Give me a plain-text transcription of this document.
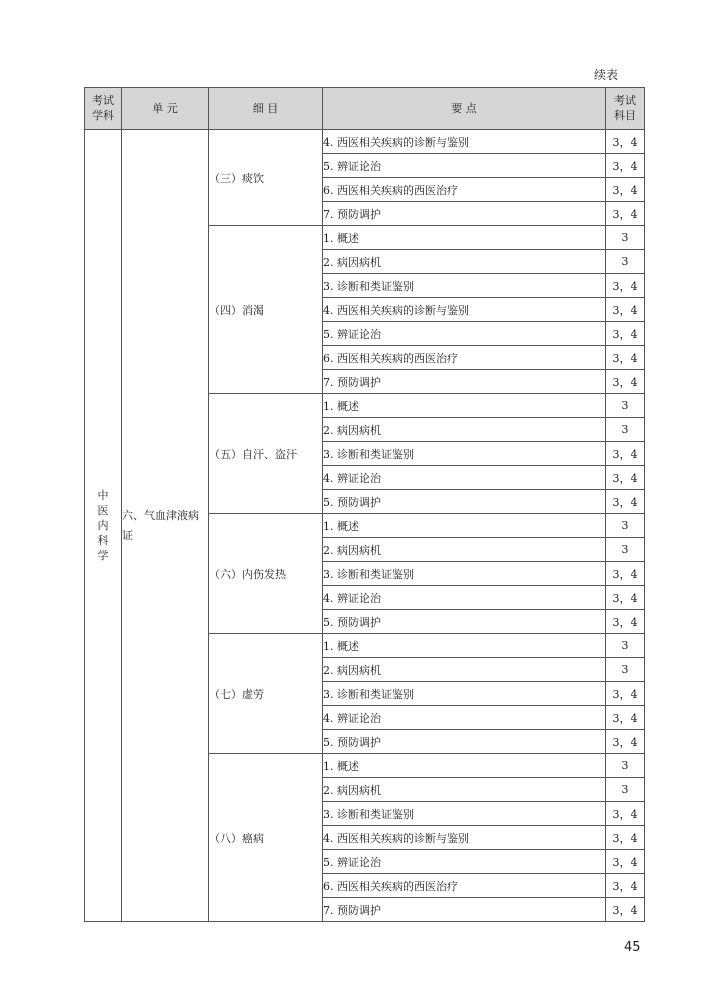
续表
考试学科	单 元	细 目	要 点	考试科目
中医内科学	六、气血津液病证	（三）痰饮	4. 西医相关疾病的诊断与鉴别	3，4
			5. 辨证论治	3，4
			6. 西医相关疾病的西医治疗	3，4
			7. 预防调护	3，4
		（四）消渴	1. 概述	3
			2. 病因病机	3
			3. 诊断和类证鉴别	3，4
			4. 西医相关疾病的诊断与鉴别	3，4
			5. 辨证论治	3，4
			6. 西医相关疾病的西医治疗	3，4
			7. 预防调护	3，4
		（五）自汗、盗汗	1. 概述	3
			2. 病因病机	3
			3. 诊断和类证鉴别	3，4
			4. 辨证论治	3，4
			5. 预防调护	3，4
		（六）内伤发热	1. 概述	3
			2. 病因病机	3
			3. 诊断和类证鉴别	3，4
			4. 辨证论治	3，4
			5. 预防调护	3，4
		（七）虚劳	1. 概述	3
			2. 病因病机	3
			3. 诊断和类证鉴别	3，4
			4. 辨证论治	3，4
			5. 预防调护	3，4
		（八）癌病	1. 概述	3
			2. 病因病机	3
			3. 诊断和类证鉴别	3，4
			4. 西医相关疾病的诊断与鉴别	3，4
			5. 辨证论治	3，4
			6. 西医相关疾病的西医治疗	3，4
			7. 预防调护	3，4
45
